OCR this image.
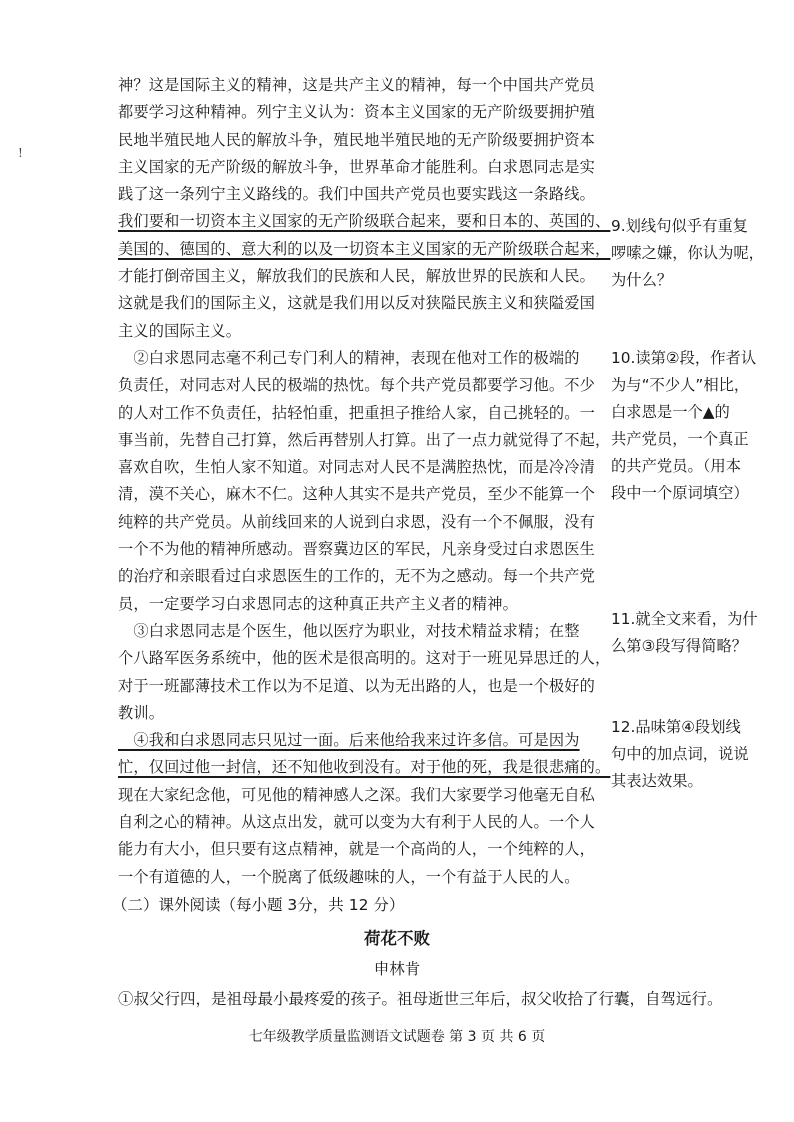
!
神？这是国际主义的精神，这是共产主义的精神，每一个中国共产党员
都要学习这种精神。列宁主义认为：资本主义国家的无产阶级要拥护殖
民地半殖民地人民的解放斗争，殖民地半殖民地的无产阶级要拥护资本
主义国家的无产阶级的解放斗争，世界革命才能胜利。白求恩同志是实
践了这一条列宁主义路线的。我们中国共产党员也要实践这一条路线。
我们要和一切资本主义国家的无产阶级联合起来，要和日本的、英国的、
美国的、德国的、意大利的以及一切资本主义国家的无产阶级联合起来，
才能打倒帝国主义，解放我们的民族和人民，解放世界的民族和人民。
这就是我们的国际主义，这就是我们用以反对狭隘民族主义和狭隘爱国
主义的国际主义。
　②白求恩同志毫不利己专门利人的精神，表现在他对工作的极端的
负责任，对同志对人民的极端的热忱。每个共产党员都要学习他。不少
的人对工作不负责任，拈轻怕重，把重担子推给人家，自己挑轻的。一
事当前，先替自己打算，然后再替别人打算。出了一点力就觉得了不起，
喜欢自吹，生怕人家不知道。对同志对人民不是满腔热忱，而是冷冷清
清，漠不关心，麻木不仁。这种人其实不是共产党员，至少不能算一个
纯粹的共产党员。从前线回来的人说到白求恩，没有一个不佩服，没有
一个不为他的精神所感动。晋察冀边区的军民，凡亲身受过白求恩医生
的治疗和亲眼看过白求恩医生的工作的，无不为之感动。每一个共产党
员，一定要学习白求恩同志的这种真正共产主义者的精神。
　③白求恩同志是个医生，他以医疗为职业，对技术精益求精；在整
个八路军医务系统中，他的医术是很高明的。这对于一班见异思迁的人，
对于一班鄙薄技术工作以为不足道、以为无出路的人，也是一个极好的
教训。
　④我和白求恩同志只见过一面。后来他给我来过许多信。可是因为
忙，仅回过他一封信，还不知他收到没有。对于他的死，我是很悲痛的。
现在大家纪念他，可见他的精神感人之深。我们大家要学习他毫无自私
自利之心的精神。从这点出发，就可以变为大有利于人民的人。一个人
能力有大小，但只要有这点精神，就是一个高尚的人，一个纯粹的人，
一个有道德的人，一个脱离了低级趣味的人，一个有益于人民的人。
9.划线句似乎有重复
啰嗦之嫌，你认为呢，
为什么？
10.读第②段，作者认
为与“不少人”相比，
白求恩是一个▲的
共产党员，一个真正
的共产党员。（用本
段中一个原词填空）
11.就全文来看，为什
么第③段写得简略？
12.品味第④段划线
句中的加点词，说说
其表达效果。
（二）课外阅读（每小题 3分，共 12 分）
荷花不败
申林肯
①叔父行四，是祖母最小最疼爱的孩子。祖母逝世三年后，叔父收拾了行囊，自驾远行。
七年级教学质量监测语文试题卷 第 3 页 共 6 页
